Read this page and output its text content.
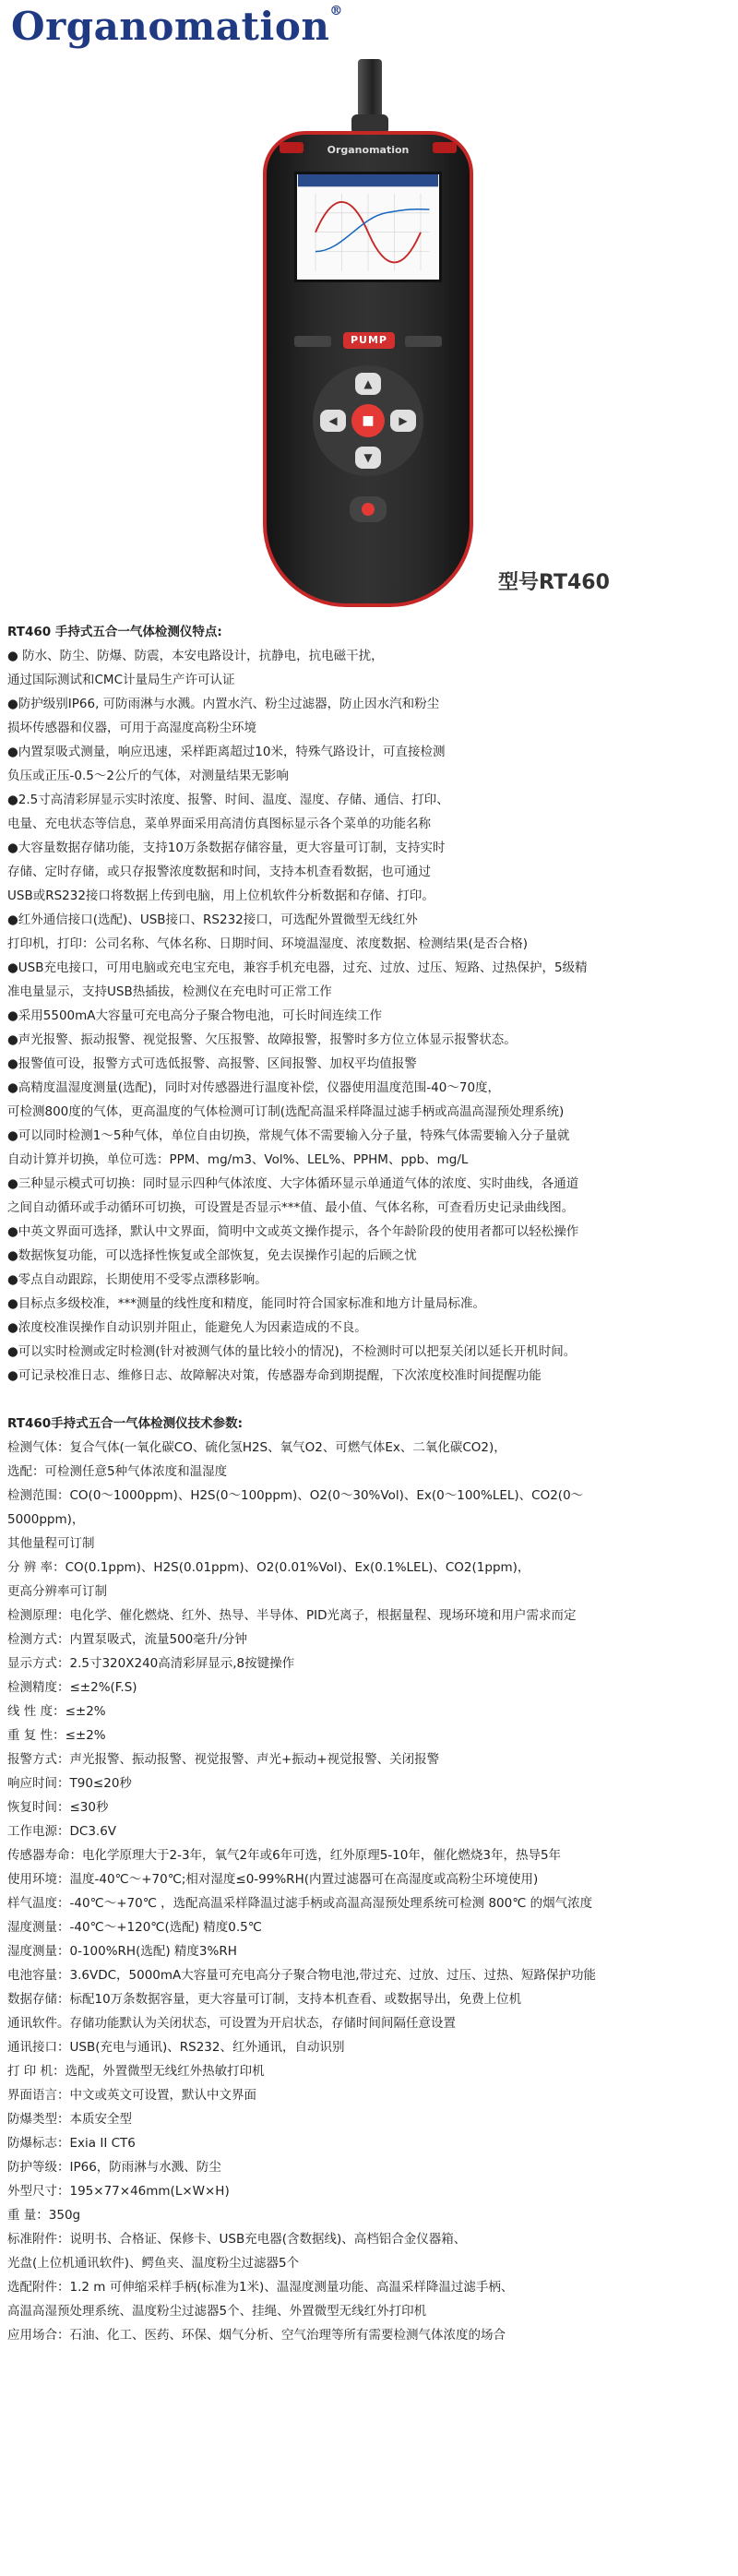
Organomation®
Organomation
PUMP
▲
▼
◀	▶
■
型号RT460

RT460 手持式五合一气体检测仪特点:

● 防水、防尘、防爆、防震，本安电路设计，抗静电，抗电磁干扰，

通过国际测试和CMC计量局生产许可认证

●防护级别IP66, 可防雨淋与水溅。内置水汽、粉尘过滤器，防止因水汽和粉尘

损坏传感器和仪器，可用于高湿度高粉尘环境

●内置泵吸式测量，响应迅速，采样距离超过10米，特殊气路设计，可直接检测

负压或正压-0.5～2公斤的气体，对测量结果无影响

●2.5寸高清彩屏显示实时浓度、报警、时间、温度、湿度、存储、通信、打印、

电量、充电状态等信息，菜单界面采用高清仿真图标显示各个菜单的功能名称

●大容量数据存储功能，支持10万条数据存储容量，更大容量可订制，支持实时

存储、定时存储，或只存报警浓度数据和时间，支持本机查看数据，也可通过

USB或RS232接口将数据上传到电脑，用上位机软件分析数据和存储、打印。

●红外通信接口(选配)、USB接口、RS232接口，可选配外置微型无线红外

打印机，打印：公司名称、气体名称、日期时间、环境温湿度、浓度数据、检测结果(是否合格)

●USB充电接口，可用电脑或充电宝充电，兼容手机充电器，过充、过放、过压、短路、过热保护，5级精

准电量显示，支持USB热插拔，检测仪在充电时可正常工作

●采用5500mA大容量可充电高分子聚合物电池，可长时间连续工作

●声光报警、振动报警、视觉报警、欠压报警、故障报警，报警时多方位立体显示报警状态。

●报警值可设，报警方式可选低报警、高报警、区间报警、加权平均值报警

●高精度温湿度测量(选配)，同时对传感器进行温度补偿，仪器使用温度范围-40～70度，

可检测800度的气体，更高温度的气体检测可订制(选配高温采样降温过滤手柄或高温高湿预处理系统)

●可以同时检测1～5种气体，单位自由切换，常规气体不需要输入分子量，特殊气体需要输入分子量就

自动计算并切换，单位可选：PPM、mg/m3、Vol%、LEL%、PPHM、ppb、mg/L

●三种显示模式可切换：同时显示四种气体浓度、大字体循环显示单通道气体的浓度、实时曲线，各通道

之间自动循环或手动循环可切换，可设置是否显示***值、最小值、气体名称，可查看历史记录曲线图。

●中英文界面可选择，默认中文界面，简明中文或英文操作提示，各个年龄阶段的使用者都可以轻松操作

●数据恢复功能，可以选择性恢复或全部恢复，免去误操作引起的后顾之忧

●零点自动跟踪，长期使用不受零点漂移影响。

●目标点多级校准，***测量的线性度和精度，能同时符合国家标准和地方计量局标准。

●浓度校准误操作自动识别并阻止，能避免人为因素造成的不良。

●可以实时检测或定时检测(针对被测气体的量比较小的情况)，不检测时可以把泵关闭以延长开机时间。

●可记录校准日志、维修日志、故障解决对策，传感器寿命到期提醒，下次浓度校准时间提醒功能

RT460手持式五合一气体检测仪技术参数:

检测气体：复合气体(一氧化碳CO、硫化氢H2S、氧气O2、可燃气体Ex、二氧化碳CO2)，

选配：可检测任意5种气体浓度和温湿度

检测范围：CO(0～1000ppm)、H2S(0～100ppm)、O2(0～30%Vol)、Ex(0～100%LEL)、CO2(0～

5000ppm)，

其他量程可订制

分 辨 率：CO(0.1ppm)、H2S(0.01ppm)、O2(0.01%Vol)、Ex(0.1%LEL)、CO2(1ppm)，

更高分辨率可订制

检测原理：电化学、催化燃烧、红外、热导、半导体、PID光离子，根据量程、现场环境和用户需求而定

检测方式：内置泵吸式，流量500毫升/分钟

显示方式：2.5寸320X240高清彩屏显示,8按键操作

检测精度：≤±2%(F.S)

线 性 度：≤±2%

重 复 性：≤±2%

报警方式：声光报警、振动报警、视觉报警、声光+振动+视觉报警、关闭报警

响应时间：T90≤20秒

恢复时间：≤30秒

工作电源：DC3.6V

传感器寿命：电化学原理大于2-3年，氧气2年或6年可选，红外原理5-10年，催化燃烧3年，热导5年

使用环境：温度-40℃～+70℃;相对湿度≤0-99%RH(内置过滤器可在高湿度或高粉尘环境使用)

样气温度：-40℃～+70℃ ，选配高温采样降温过滤手柄或高温高湿预处理系统可检测 800℃ 的烟气浓度

湿度测量：-40℃～+120℃(选配) 精度0.5℃

湿度测量：0-100%RH(选配) 精度3%RH

电池容量：3.6VDC，5000mA大容量可充电高分子聚合物电池,带过充、过放、过压、过热、短路保护功能

数据存储：标配10万条数据容量，更大容量可订制，支持本机查看、或数据导出，免费上位机

通讯软件。存储功能默认为关闭状态，可设置为开启状态，存储时间间隔任意设置

通讯接口：USB(充电与通讯)、RS232、红外通讯，自动识别

打 印 机：选配，外置微型无线红外热敏打印机

界面语言：中文或英文可设置，默认中文界面

防爆类型：本质安全型

防爆标志：Exia II CT6

防护等级：IP66，防雨淋与水溅、防尘

外型尺寸：195×77×46mm(L×W×H)

重 量：350g

标准附件：说明书、合格证、保修卡、USB充电器(含数据线)、高档铝合金仪器箱、

光盘(上位机通讯软件)、鳄鱼夹、温度粉尘过滤器5个

选配附件：1.2 m 可伸缩采样手柄(标准为1米)、温湿度测量功能、高温采样降温过滤手柄、

高温高湿预处理系统、温度粉尘过滤器5个、挂绳、外置微型无线红外打印机

应用场合：石油、化工、医药、环保、烟气分析、空气治理等所有需要检测气体浓度的场合
